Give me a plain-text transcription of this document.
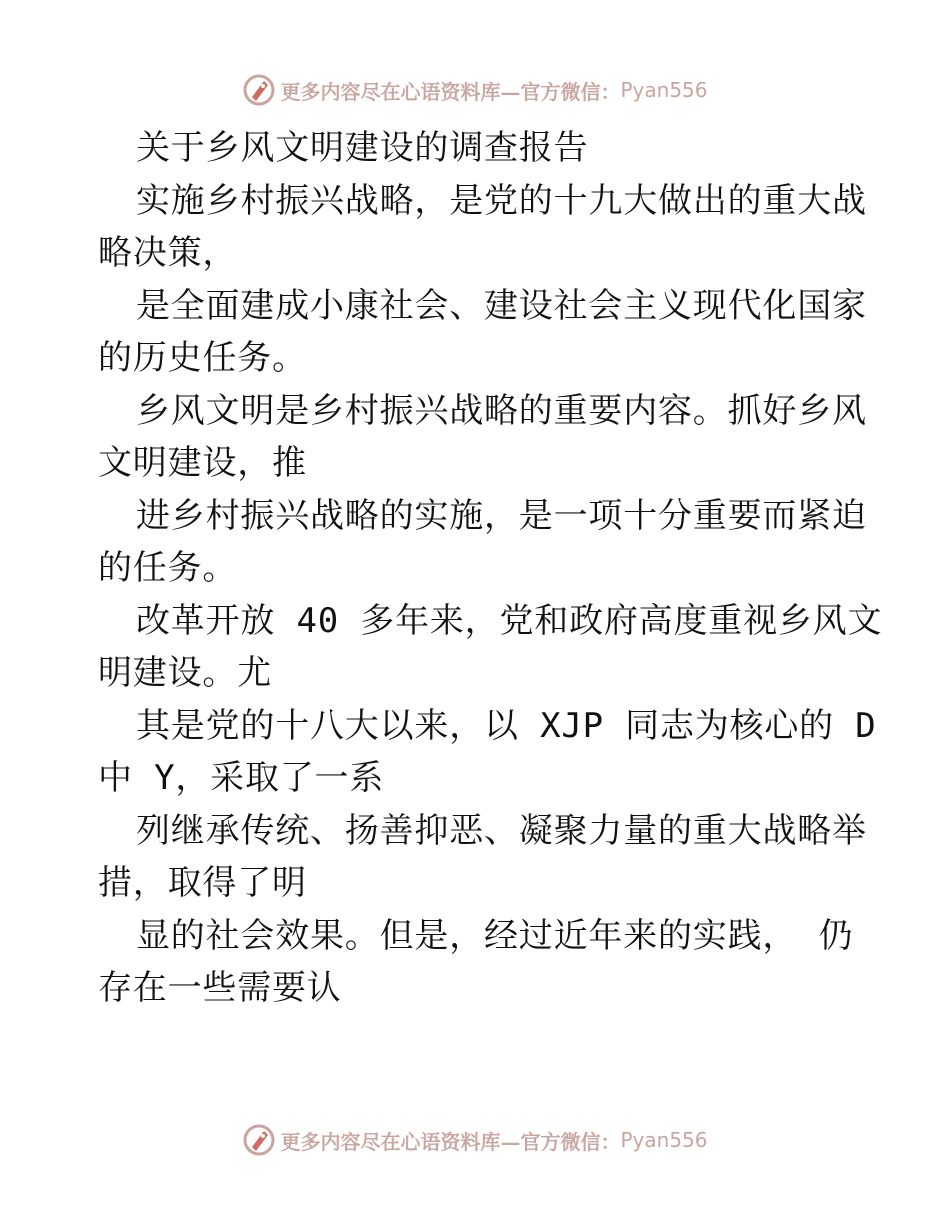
更多内容尽在心语资料库—官方微信： Pyan556
关于乡风文明建设的调查报告
实施乡村振兴战略，是党的十九大做出的重大战
略决策，
是全面建成小康社会、建设社会主义现代化国家
的历史任务。
乡风文明是乡村振兴战略的重要内容。抓好乡风
文明建设，推
进乡村振兴战略的实施，是一项十分重要而紧迫
的任务。
改革开放 40 多年来，党和政府高度重视乡风文
明建设。尤
其是党的十八大以来，以 XJP 同志为核心的 D
中 Y，采取了一系
列继承传统、扬善抑恶、凝聚力量的重大战略举
措，取得了明
显的社会效果。但是，经过近年来的实践， 仍
存在一些需要认
更多内容尽在心语资料库—官方微信： Pyan556
